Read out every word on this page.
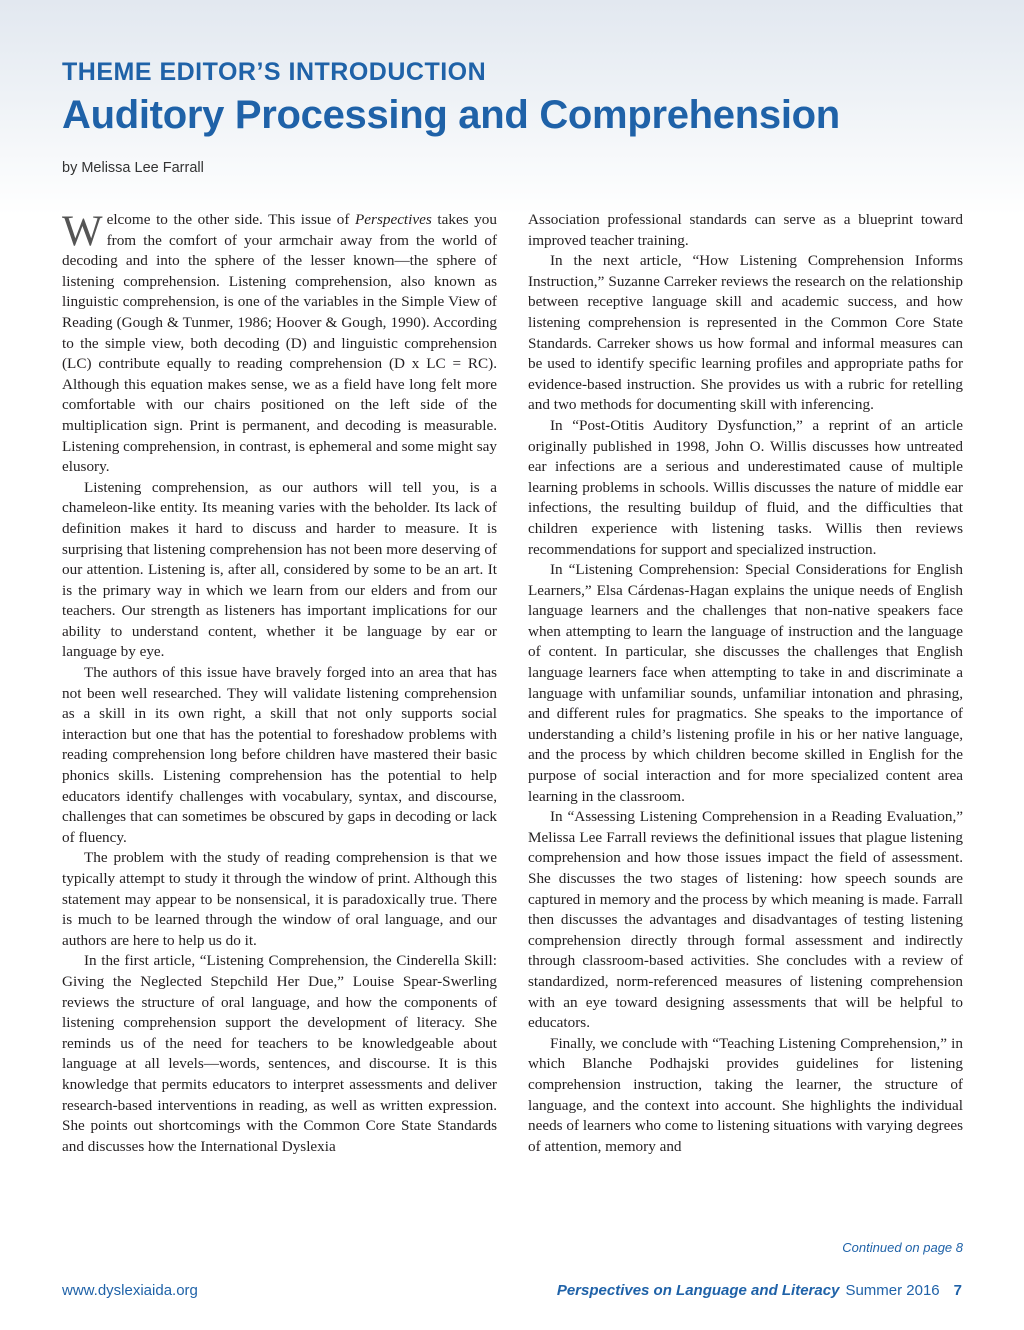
THEME EDITOR’S INTRODUCTION
Auditory Processing and Comprehension
by Melissa Lee Farrall

Welcome to the other side. This issue of Perspectives takes you from the comfort of your armchair away from the world of decoding and into the sphere of the lesser known—the sphere of listening comprehension. Listening comprehension, also known as linguistic comprehension, is one of the variables in the Simple View of Reading (Gough & Tunmer, 1986; Hoover & Gough, 1990). According to the simple view, both decoding (D) and linguistic comprehension (LC) contribute equally to reading comprehension (D x LC = RC). Although this equation makes sense, we as a field have long felt more comfortable with our chairs positioned on the left side of the multiplication sign. Print is permanent, and decoding is measurable. Listening comprehension, in contrast, is ephemeral and some might say elusory.

Listening comprehension, as our authors will tell you, is a chameleon-like entity. Its meaning varies with the beholder. Its lack of definition makes it hard to discuss and harder to measure. It is surprising that listening comprehension has not been more deserving of our attention. Listening is, after all, considered by some to be an art. It is the primary way in which we learn from our elders and from our teachers. Our strength as listeners has important implications for our ability to understand content, whether it be language by ear or language by eye.

The authors of this issue have bravely forged into an area that has not been well researched. They will validate listening comprehension as a skill in its own right, a skill that not only supports social interaction but one that has the potential to foreshadow problems with reading comprehension long before children have mastered their basic phonics skills. Listening comprehension has the potential to help educators identify challenges with vocabulary, syntax, and discourse, challenges that can sometimes be obscured by gaps in decoding or lack of fluency.

The problem with the study of reading comprehension is that we typically attempt to study it through the window of print. Although this statement may appear to be nonsensical, it is paradoxically true. There is much to be learned through the window of oral language, and our authors are here to help us do it.

In the first article, “Listening Comprehension, the Cinderella Skill: Giving the Neglected Stepchild Her Due,” Louise Spear-Swerling reviews the structure of oral language, and how the components of listening comprehension support the development of literacy. She reminds us of the need for teachers to be knowledgeable about language at all levels—words, sentences, and discourse. It is this knowledge that permits educators to interpret assessments and deliver research-based interventions in reading, as well as written expression. She points out shortcomings with the Common Core State Standards and discusses how the International Dyslexia

Association professional standards can serve as a blueprint toward improved teacher training.

In the next article, “How Listening Comprehension Informs Instruction,” Suzanne Carreker reviews the research on the relationship between receptive language skill and academic success, and how listening comprehension is represented in the Common Core State Standards. Carreker shows us how formal and informal measures can be used to identify specific learning profiles and appropriate paths for evidence-based instruction. She provides us with a rubric for retelling and two methods for documenting skill with inferencing.

In “Post-Otitis Auditory Dysfunction,” a reprint of an article originally published in 1998, John O. Willis discusses how untreated ear infections are a serious and underestimated cause of multiple learning problems in schools. Willis discusses the nature of middle ear infections, the resulting buildup of fluid, and the difficulties that children experience with listening tasks. Willis then reviews recommendations for support and specialized instruction.

In “Listening Comprehension: Special Considerations for English Learners,” Elsa Cárdenas-Hagan explains the unique needs of English language learners and the challenges that non-native speakers face when attempting to learn the language of instruction and the language of content. In particular, she discusses the challenges that English language learners face when attempting to take in and discriminate a language with unfamiliar sounds, unfamiliar intonation and phrasing, and different rules for pragmatics. She speaks to the importance of understanding a child’s listening profile in his or her native language, and the process by which children become skilled in English for the purpose of social interaction and for more specialized content area learning in the classroom.

In “Assessing Listening Comprehension in a Reading Evaluation,” Melissa Lee Farrall reviews the definitional issues that plague listening comprehension and how those issues impact the field of assessment. She discusses the two stages of listening: how speech sounds are captured in memory and the process by which meaning is made. Farrall then discusses the advantages and disadvantages of testing listening comprehension directly through formal assessment and indirectly through classroom-based activities. She concludes with a review of standardized, norm-referenced measures of listening comprehension with an eye toward designing assessments that will be helpful to educators.

Finally, we conclude with “Teaching Listening Comprehension,” in which Blanche Podhajski provides guidelines for listening comprehension instruction, taking the learner, the structure of language, and the context into account. She highlights the individual needs of learners who come to listening situations with varying degrees of attention, memory and

Continued on page 8
www.dyslexiaida.org	Perspectives on Language and Literacy Summer 2016 7
